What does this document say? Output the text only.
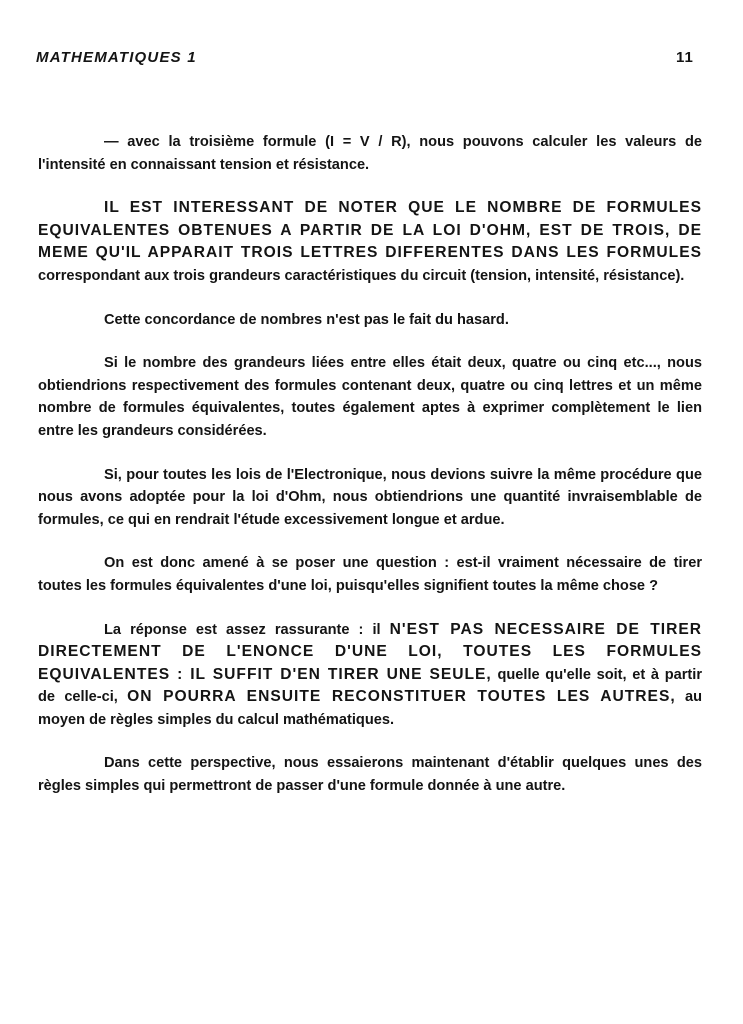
MATHEMATIQUES 1	11

— avec la troisième formule (I = V / R), nous pouvons calculer les valeurs de l'intensité en connaissant tension et résistance.

IL EST INTERESSANT DE NOTER QUE LE NOMBRE DE FORMULES EQUIVALENTES OBTENUES A PARTIR DE LA LOI D'OHM, EST DE TROIS, DE MEME QU'IL APPARAIT TROIS LETTRES DIFFERENTES DANS LES FORMULES correspondant aux trois grandeurs caractéristiques du circuit (tension, intensité, résistance).

Cette concordance de nombres n'est pas le fait du hasard.

Si le nombre des grandeurs liées entre elles était deux, quatre ou cinq etc..., nous obtiendrions respectivement des formules contenant deux, quatre ou cinq lettres et un même nombre de formules équivalentes, toutes également aptes à exprimer complètement le lien entre les grandeurs considérées.

Si, pour toutes les lois de l'Electronique, nous devions suivre la même procédure que nous avons adoptée pour la loi d'Ohm, nous obtiendrions une quantité invraisemblable de formules, ce qui en rendrait l'étude excessivement longue et ardue.

On est donc amené à se poser une question : est-il vraiment nécessaire de tirer toutes les formules équivalentes d'une loi, puisqu'elles signifient toutes la même chose ?

La réponse est assez rassurante : il N'EST PAS NECESSAIRE DE TIRER DIRECTEMENT DE L'ENONCE D'UNE LOI, TOUTES LES FORMULES EQUIVALENTES : IL SUFFIT D'EN TIRER UNE SEULE, quelle qu'elle soit, et à partir de celle-ci, ON POURRA ENSUITE RECONSTITUER TOUTES LES AUTRES, au moyen de règles simples du calcul mathématiques.

Dans cette perspective, nous essaierons maintenant d'établir quelques unes des règles simples qui permettront de passer d'une formule donnée à une autre.
